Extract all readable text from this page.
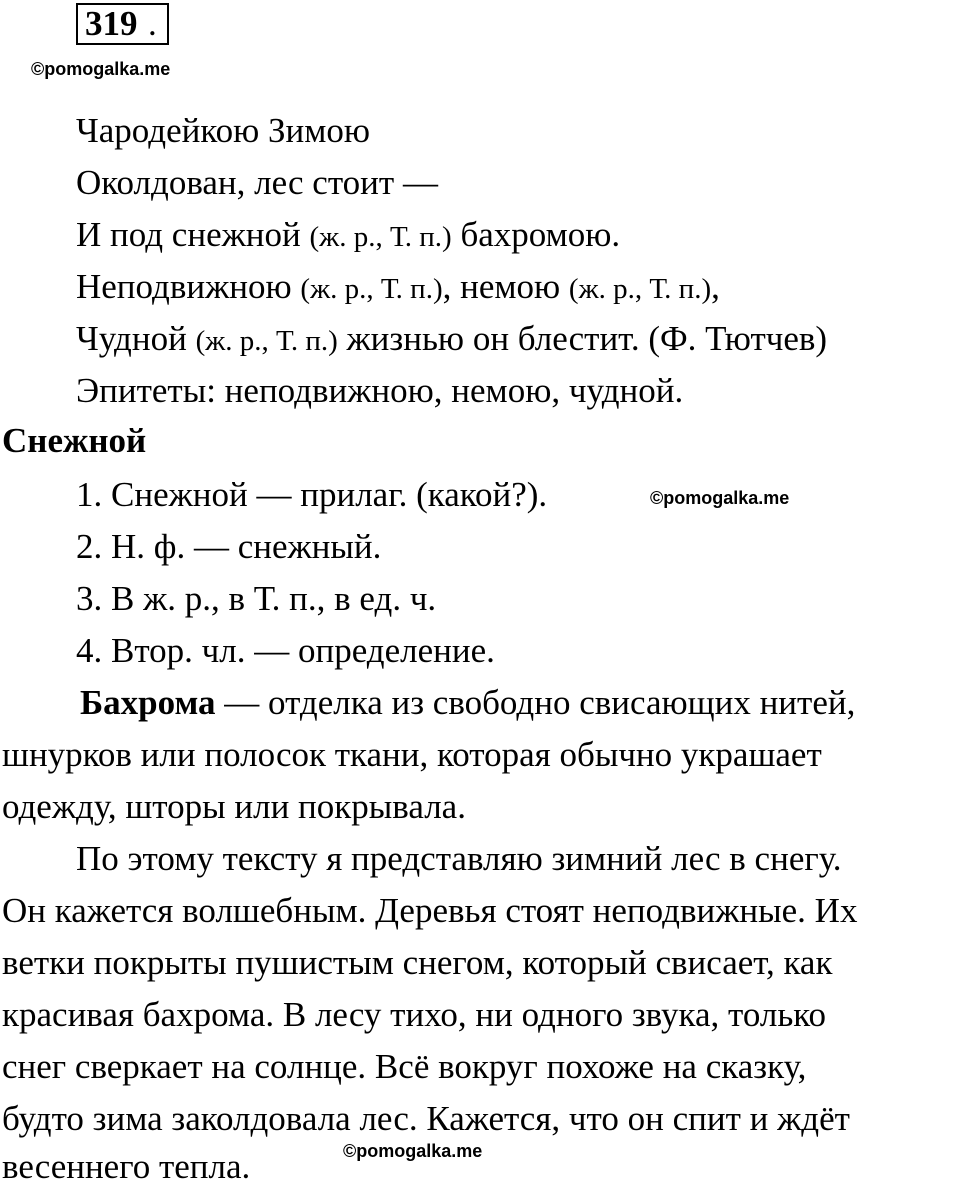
319 .
©pomogalka.me
Чародейкою Зимою
Околдован, лес стоит —
И под снежной (ж. р., Т. п.) бахромою.
Неподвижною (ж. р., Т. п.), немою (ж. р., Т. п.),
Чудной (ж. р., Т. п.) жизнью он блестит. (Ф. Тютчев)
Эпитеты: неподвижною, немою, чудной.
Снежной
1. Снежной — прилаг. (какой?).	©pomogalka.me
2. Н. ф. — снежный.
3. В ж. р., в Т. п., в ед. ч.
4. Втор. чл. — определение.
Бахрома — отделка из свободно свисающих нитей,
шнурков или полосок ткани, которая обычно украшает
одежду, шторы или покрывала.
По этому тексту я представляю зимний лес в снегу.
Он кажется волшебным. Деревья стоят неподвижные. Их
ветки покрыты пушистым снегом, который свисает, как
красивая бахрома. В лесу тихо, ни одного звука, только
снег сверкает на солнце. Всё вокруг похоже на сказку,
будто зима заколдовала лес. Кажется, что он спит и ждёт
©pomogalka.me
весеннего тепла.
